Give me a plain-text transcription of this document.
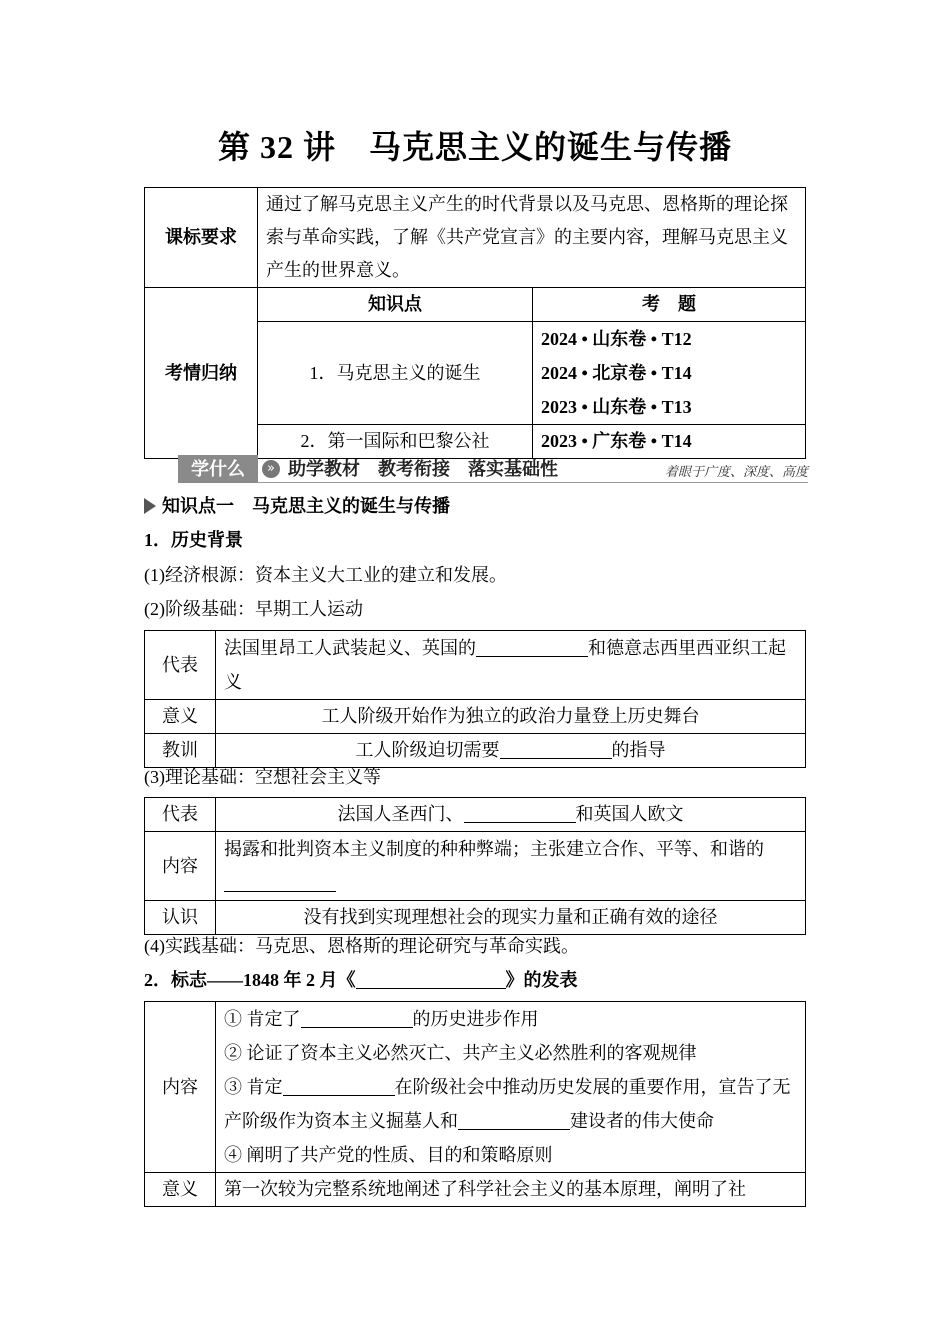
第 32 讲　马克思主义的诞生与传播
课标要求	通过了解马克思主义产生的时代背景以及马克思、恩格斯的理论探索与革命实践，了解《共产党宣言》的主要内容，理解马克思主义产生的世界意义。	
考情归纳	知识点	考　题
	1．马克思主义的诞生	2024 • 山东卷 • T12
2024 • 北京卷 • T14
2023 • 山东卷 • T13

	2．第一国际和巴黎公社	2023 • 广东卷 • T14
学什么	» 助学教材　教考衔接　落实基础性	着眼于广度、深度、高度
知识点一　马克思主义的诞生与传播
1．历史背景
(1)经济根源：资本主义大工业的建立和发展。
(2)阶级基础：早期工人运动
代表	法国里昂工人武装起义、英国的 和德意志西里西亚织工起义
意义	工人阶级开始作为独立的政治力量登上历史舞台
教训	工人阶级迫切需要 的指导
(3)理论基础：空想社会主义等
代表	法国人圣西门、 和英国人欧文
内容	揭露和批判资本主义制度的种种弊端；主张建立合作、平等、和谐的
认识	没有找到实现理想社会的现实力量和正确有效的途径
(4)实践基础：马克思、恩格斯的理论研究与革命实践。
2．标志——1848 年 2 月《	》的发表
内容	① 肯定了 的历史进步作用
② 论证了资本主义必然灭亡、共产主义必然胜利的客观规律
③ 肯定 在阶级社会中推动历史发展的重要作用，宣告了无产阶级作为资本主义掘墓人和 建设者的伟大使命
④ 阐明了共产党的性质、目的和策略原则

意义	第一次较为完整系统地阐述了科学社会主义的基本原理，阐明了社
